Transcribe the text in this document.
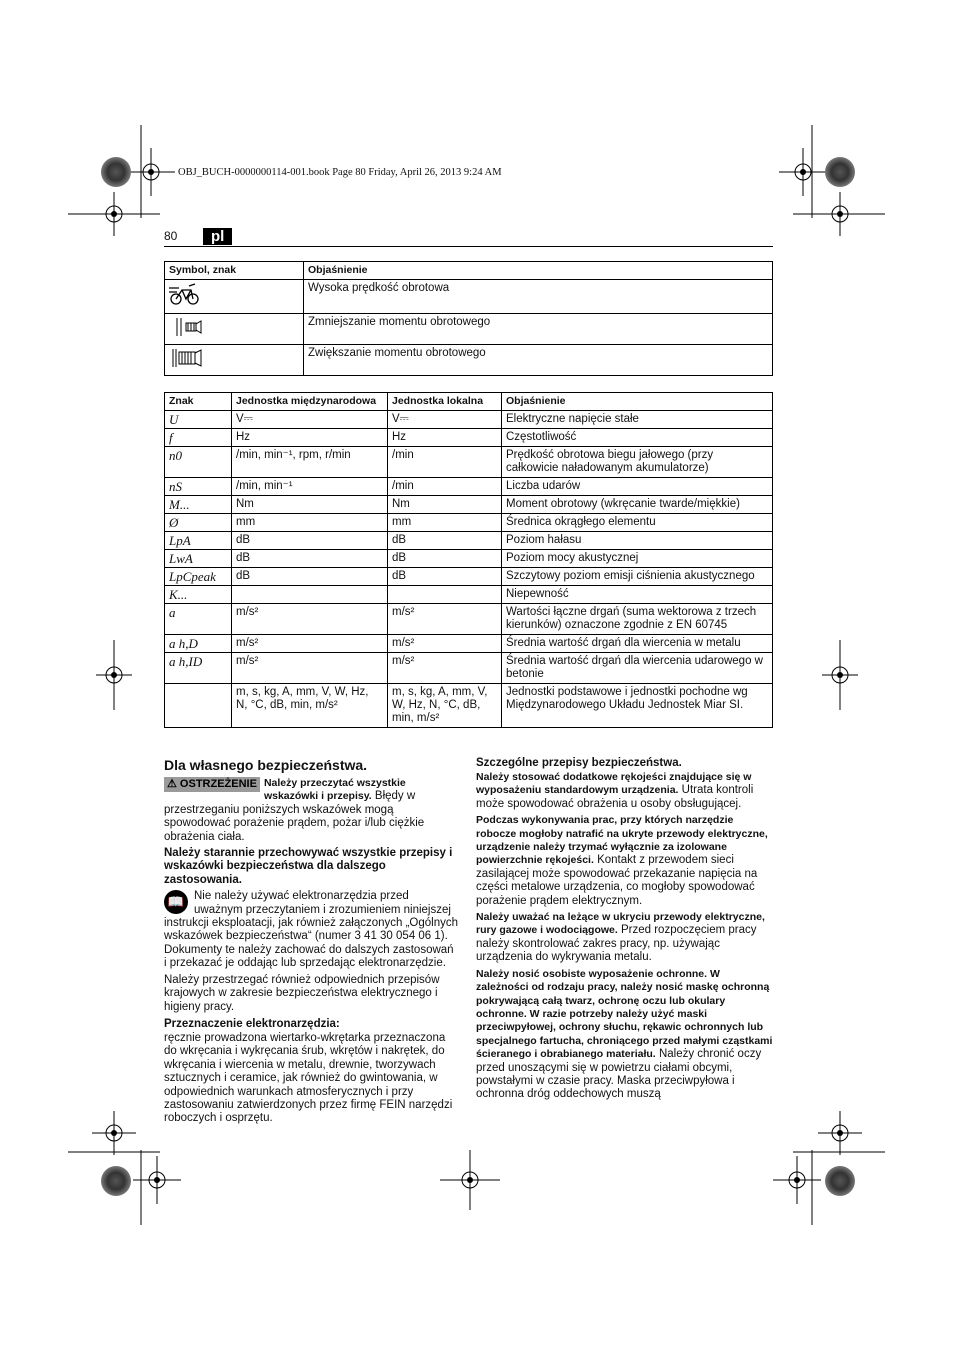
OBJ_BUCH-0000000114-001.book Page 80 Friday, April 26, 2013 9:24 AM
80	pl
Symbol, znak	Objaśnienie
	Wysoka prędkość obrotowa
	Zmniejszanie momentu obrotowego
	Zwiększanie momentu obrotowego
Znak	Jednostka międzynarodowa	Jednostka lokalna	Objaśnienie
U	V⎓	V⎓	Elektryczne napięcie stałe
f	Hz	Hz	Częstotliwość
n0	/min, min⁻¹, rpm, r/min	/min	Prędkość obrotowa biegu jałowego (przy całkowicie naładowanym akumulatorze)
nS	/min, min⁻¹	/min	Liczba udarów
M...	Nm	Nm	Moment obrotowy (wkręcanie twarde/miękkie)
Ø	mm	mm	Średnica okrągłego elementu
LpA	dB	dB	Poziom hałasu
LwA	dB	dB	Poziom mocy akustycznej
LpCpeak	dB	dB	Szczytowy poziom emisji ciśnienia akustycznego
K...			Niepewność
a	m/s²	m/s²	Wartości łączne drgań (suma wektorowa z trzech kierunków) oznaczone zgodnie z EN 60745
a h,D	m/s²	m/s²	Średnia wartość drgań dla wiercenia w metalu
a h,ID	m/s²	m/s²	Średnia wartość drgań dla wiercenia udarowego w betonie
	m, s, kg, A, mm, V, W, Hz, N, °C, dB, min, m/s²	m, s, kg, A, mm, V, W, Hz, N, °C, dB, min, m/s²	Jednostki podstawowe i jednostki pochodne wg Międzynarodowego Układu Jednostek Miar SI.
Dla własnego bezpieczeństwa.

⚠ OSTRZEŻENIE Należy przeczytać wszystkie wskazówki i przepisy. Błędy w przestrzeganiu poniższych wskazówek mogą spowodować porażenie prądem, pożar i/lub ciężkie obrażenia ciała.

Należy starannie przechowywać wszystkie przepisy i wskazówki bezpieczeństwa dla dalszego zastosowania.

📖 Nie należy używać elektronarzędzia przed uważnym przeczytaniem i zrozumieniem niniejszej instrukcji eksploatacji, jak również załączonych „Ogólnych wskazówek bezpieczeństwa“ (numer 3 41 30 054 06 1). Dokumenty te należy zachować do dalszych zastosowań i przekazać je oddając lub sprzedając elektronarzędzie.

Należy przestrzegać również odpowiednich przepisów krajowych w zakresie bezpieczeństwa elektrycznego i higieny pracy.

Przeznaczenie elektronarzędzia:

ręcznie prowadzona wiertarko-wkrętarka przeznaczona do wkręcania i wykręcania śrub, wkrętów i nakrętek, do wkręcania i wiercenia w metalu, drewnie, tworzywach sztucznych i ceramice, jak również do gwintowania, w odpowiednich warunkach atmosferycznych i przy zastosowaniu zatwierdzonych przez firmę FEIN narzędzi roboczych i osprzętu.

Szczególne przepisy bezpieczeństwa.

Należy stosować dodatkowe rękojeści znajdujące się w wyposażeniu standardowym urządzenia. Utrata kontroli może spowodować obrażenia u osoby obsługującej.

Podczas wykonywania prac, przy których narzędzie robocze mogłoby natrafić na ukryte przewody elektryczne, urządzenie należy trzymać wyłącznie za izolowane powierzchnie rękojeści. Kontakt z przewodem sieci zasilającej może spowodować przekazanie napięcia na części metalowe urządzenia, co mogłoby spowodować porażenie prądem elektrycznym.

Należy uważać na leżące w ukryciu przewody elektryczne, rury gazowe i wodociągowe. Przed rozpoczęciem pracy należy skontrolować zakres pracy, np. używając urządzenia do wykrywania metalu.

Należy nosić osobiste wyposażenie ochronne. W zależności od rodzaju pracy, należy nosić maskę ochronną pokrywającą całą twarz, ochronę oczu lub okulary ochronne. W razie potrzeby należy użyć maski przeciwpyłowej, ochrony słuchu, rękawic ochronnych lub specjalnego fartucha, chroniącego przed małymi cząstkami ścieranego i obrabianego materiału. Należy chronić oczy przed unoszącymi się w powietrzu ciałami obcymi, powstałymi w czasie pracy. Maska przeciwpyłowa i ochronna dróg oddechowych muszą
